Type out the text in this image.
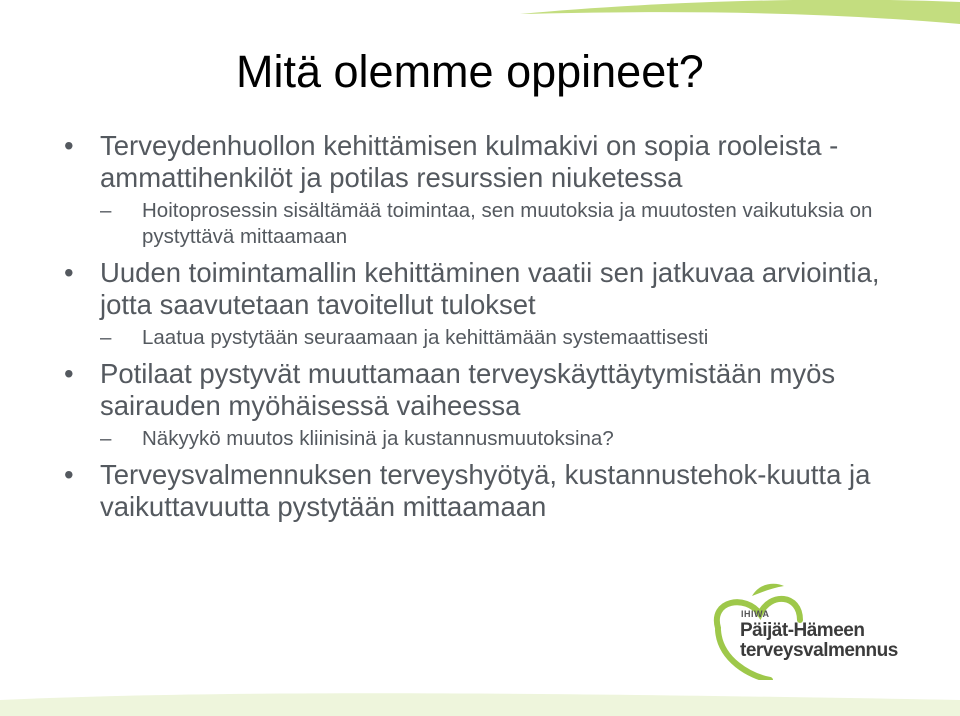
Mitä olemme oppineet?
• Terveydenhuollon kehittämisen kulmakivi on sopia rooleista - ammattihenkilöt ja potilas resurssien niuketessa
– Hoitoprosessin sisältämää toimintaa, sen muutoksia ja muutosten vaikutuksia on pystyttävä mittaamaan
• Uuden toimintamallin kehittäminen vaatii sen jatkuvaa arviointia, jotta saavutetaan tavoitellut tulokset
– Laatua pystytään seuraamaan ja kehittämään systemaattisesti
• Potilaat pystyvät muuttamaan terveyskäyttäytymistään myös sairauden myöhäisessä vaiheessa
– Näkyykö muutos kliinisinä ja kustannusmuutoksina?
• Terveysvalmennuksen terveyshyötyä, kustannustehok-kuutta ja vaikuttavuutta pystytään mittaamaan
IHIWA
Päijät-Hämeen
terveysvalmennus
